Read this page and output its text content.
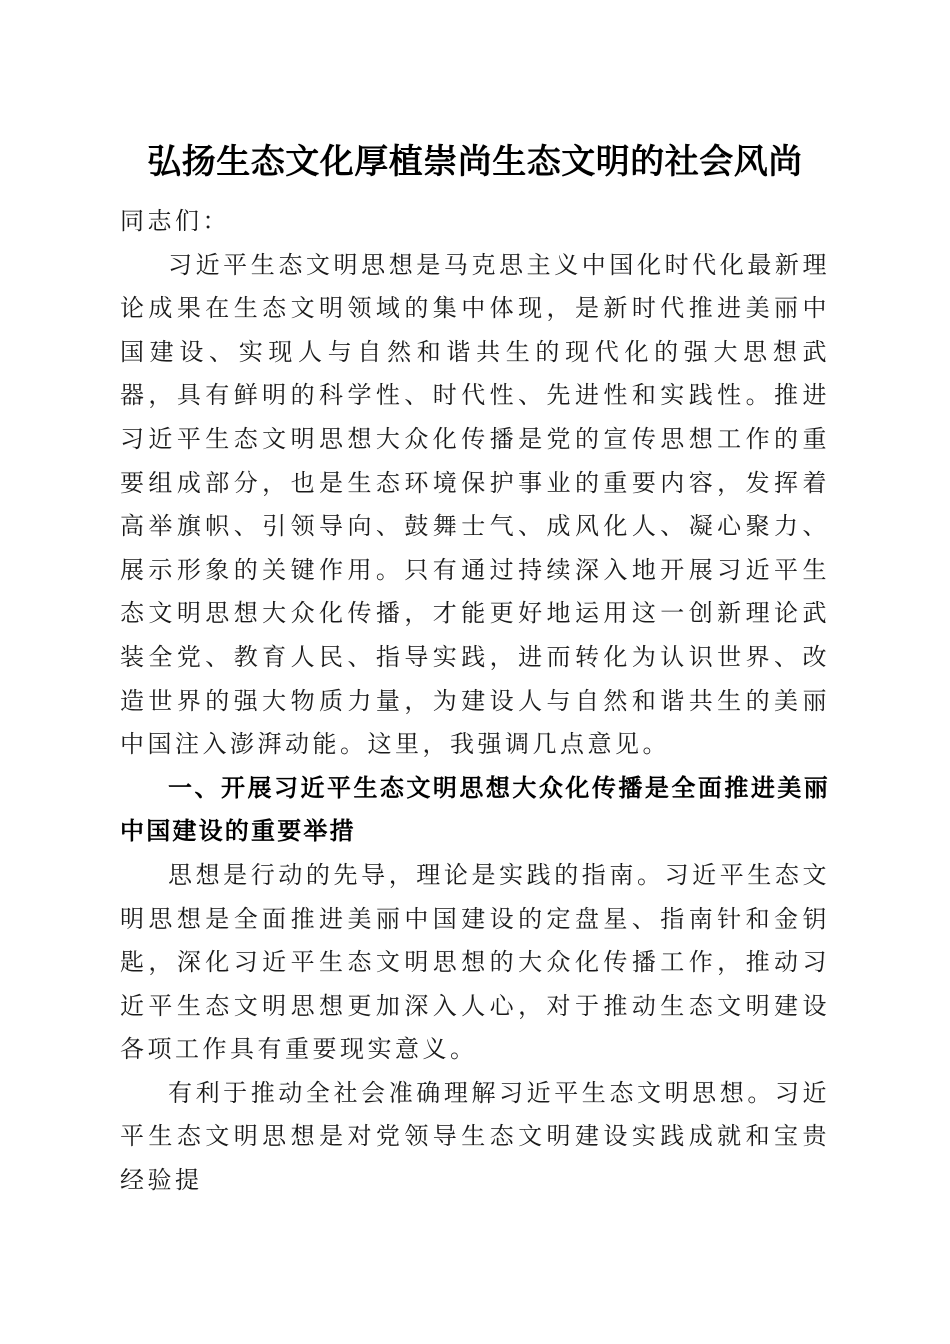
弘扬生态文化厚植崇尚生态文明的社会风尚

同志们：

习近平生态文明思想是马克思主义中国化时代化最新理论成果在生态文明领域的集中体现，是新时代推进美丽中国建设、实现人与自然和谐共生的现代化的强大思想武器，具有鲜明的科学性、时代性、先进性和实践性。推进习近平生态文明思想大众化传播是党的宣传思想工作的重要组成部分，也是生态环境保护事业的重要内容，发挥着高举旗帜、引领导向、鼓舞士气、成风化人、凝心聚力、展示形象的关键作用。只有通过持续深入地开展习近平生态文明思想大众化传播，才能更好地运用这一创新理论武装全党、教育人民、指导实践，进而转化为认识世界、改造世界的强大物质力量，为建设人与自然和谐共生的美丽中国注入澎湃动能。这里，我强调几点意见。

一、开展习近平生态文明思想大众化传播是全面推进美丽中国建设的重要举措

思想是行动的先导，理论是实践的指南。习近平生态文明思想是全面推进美丽中国建设的定盘星、指南针和金钥匙，深化习近平生态文明思想的大众化传播工作，推动习近平生态文明思想更加深入人心，对于推动生态文明建设各项工作具有重要现实意义。

有利于推动全社会准确理解习近平生态文明思想。习近平生态文明思想是对党领导生态文明建设实践成就和宝贵经验提
